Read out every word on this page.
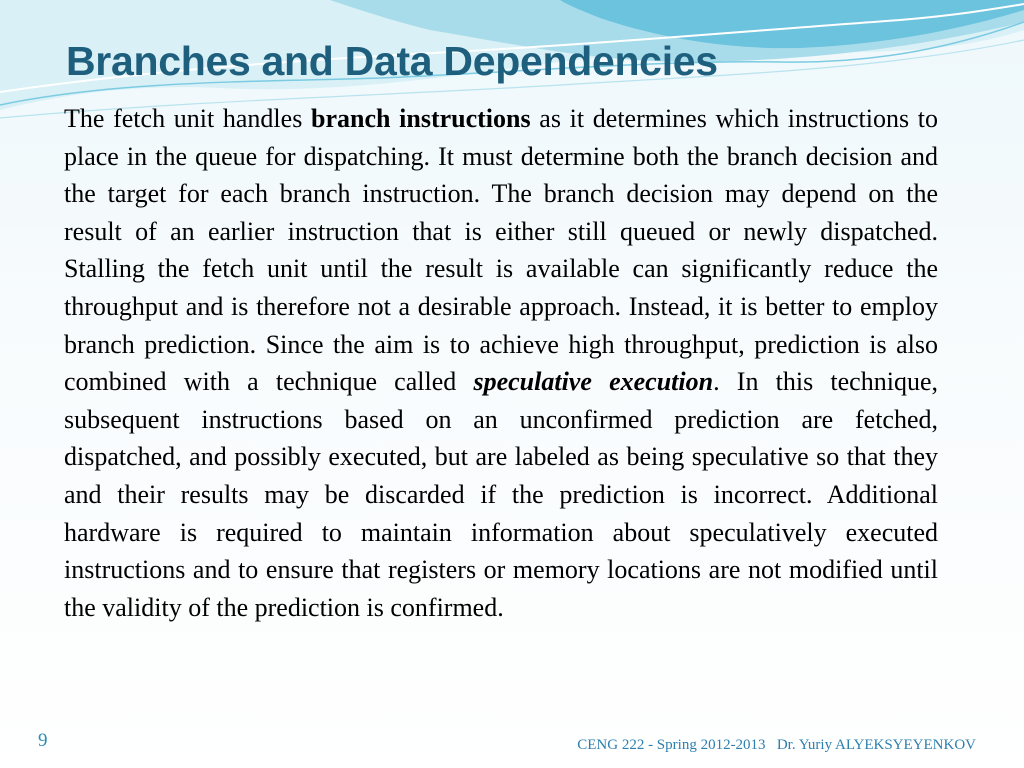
Branches and Data Dependencies

The fetch unit handles branch instructions as it determines which instructions to place in the queue for dispatching. It must determine both the branch decision and the target for each branch instruction. The branch decision may depend on the result of an earlier instruction that is either still queued or newly dispatched. Stalling the fetch unit until the result is available can significantly reduce the throughput and is therefore not a desirable approach. Instead, it is better to employ branch prediction. Since the aim is to achieve high throughput, prediction is also combined with a technique called speculative execution. In this technique, subsequent instructions based on an unconfirmed prediction are fetched, dispatched, and possibly executed, but are labeled as being speculative so that they and their results may be discarded if the prediction is incorrect. Additional hardware is required to maintain information about speculatively executed instructions and to ensure that registers or memory locations are not modified until the validity of the prediction is confirmed.

9	CENG 222 - Spring 2012-2013 Dr. Yuriy ALYEKSYEYENKOV
